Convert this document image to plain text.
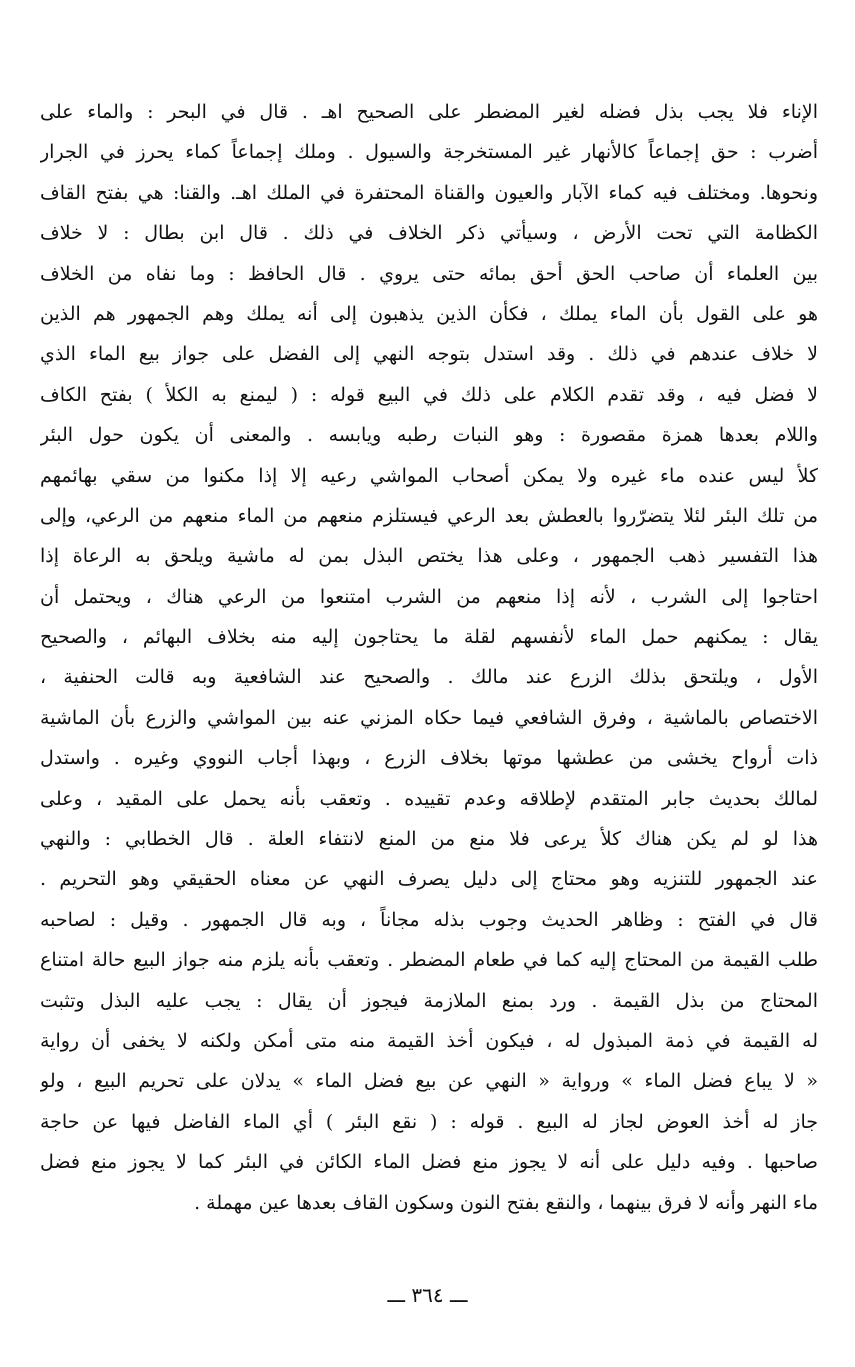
الإناء فلا يجب بذل فضله لغير المضطر على الصحيح اهـ . قال في البحر : والماء على
أضرب : حق إجماعاً كالأنهار غير المستخرجة والسيول . وملك إجماعاً كماء يحرز في الجرار
ونحوها. ومختلف فيه كماء الآبار والعيون والقناة المحتفرة في الملك اهـ. والقنا: هي بفتح القاف
الكظامة التي تحت الأرض ، وسيأتي ذكر الخلاف في ذلك . قال ابن بطال : لا خلاف
بين العلماء أن صاحب الحق أحق بمائه حتى يروي . قال الحافظ : وما نفاه من الخلاف
هو على القول بأن الماء يملك ، فكأن الذين يذهبون إلى أنه يملك وهم الجمهور هم الذين
لا خلاف عندهم في ذلك . وقد استدل بتوجه النهي إلى الفضل على جواز بيع الماء الذي
لا فضل فيه ، وقد تقدم الكلام على ذلك في البيع قوله : ( ليمنع به الكلأ ) بفتح الكاف
واللام بعدها همزة مقصورة : وهو النبات رطبه ويابسه . والمعنى أن يكون حول البئر
كلأ ليس عنده ماء غيره ولا يمكن أصحاب المواشي رعيه إلا إذا مكنوا من سقي بهائمهم
من تلك البئر لئلا يتضرّروا بالعطش بعد الرعي فيستلزم منعهم من الماء منعهم من الرعي، وإلى
هذا التفسير ذهب الجمهور ، وعلى هذا يختص البذل بمن له ماشية ويلحق به الرعاة إذا
احتاجوا إلى الشرب ، لأنه إذا منعهم من الشرب امتنعوا من الرعي هناك ، ويحتمل أن
يقال : يمكنهم حمل الماء لأنفسهم لقلة ما يحتاجون إليه منه بخلاف البهائم ، والصحيح
الأول ، ويلتحق بذلك الزرع عند مالك . والصحيح عند الشافعية وبه قالت الحنفية ،
الاختصاص بالماشية ، وفرق الشافعي فيما حكاه المزني عنه بين المواشي والزرع بأن الماشية
ذات أرواح يخشى من عطشها موتها بخلاف الزرع ، وبهذا أجاب النووي وغيره . واستدل
لمالك بحديث جابر المتقدم لإطلاقه وعدم تقييده . وتعقب بأنه يحمل على المقيد ، وعلى
هذا لو لم يكن هناك كلأ يرعى فلا منع من المنع لانتفاء العلة . قال الخطابي : والنهي
عند الجمهور للتنزيه وهو محتاج إلى دليل يصرف النهي عن معناه الحقيقي وهو التحريم .
قال في الفتح : وظاهر الحديث وجوب بذله مجاناً ، وبه قال الجمهور . وقيل : لصاحبه
طلب القيمة من المحتاج إليه كما في طعام المضطر . وتعقب بأنه يلزم منه جواز البيع حالة امتناع
المحتاج من بذل القيمة . ورد بمنع الملازمة فيجوز أن يقال : يجب عليه البذل وتثبت
له القيمة في ذمة المبذول له ، فيكون أخذ القيمة منه متى أمكن ولكنه لا يخفى أن رواية
« لا يباع فضل الماء » ورواية « النهي عن بيع فضل الماء » يدلان على تحريم البيع ، ولو
جاز له أخذ العوض لجاز له البيع . قوله : ( نقع البئر ) أي الماء الفاضل فيها عن حاجة
صاحبها . وفيه دليل على أنه لا يجوز منع فضل الماء الكائن في البئر كما لا يجوز منع فضل
ماء النهر وأنه لا فرق بينهما ، والنقع بفتح النون وسكون القاف بعدها عين مهملة .
ـــ ٣٦٤ ـــ
